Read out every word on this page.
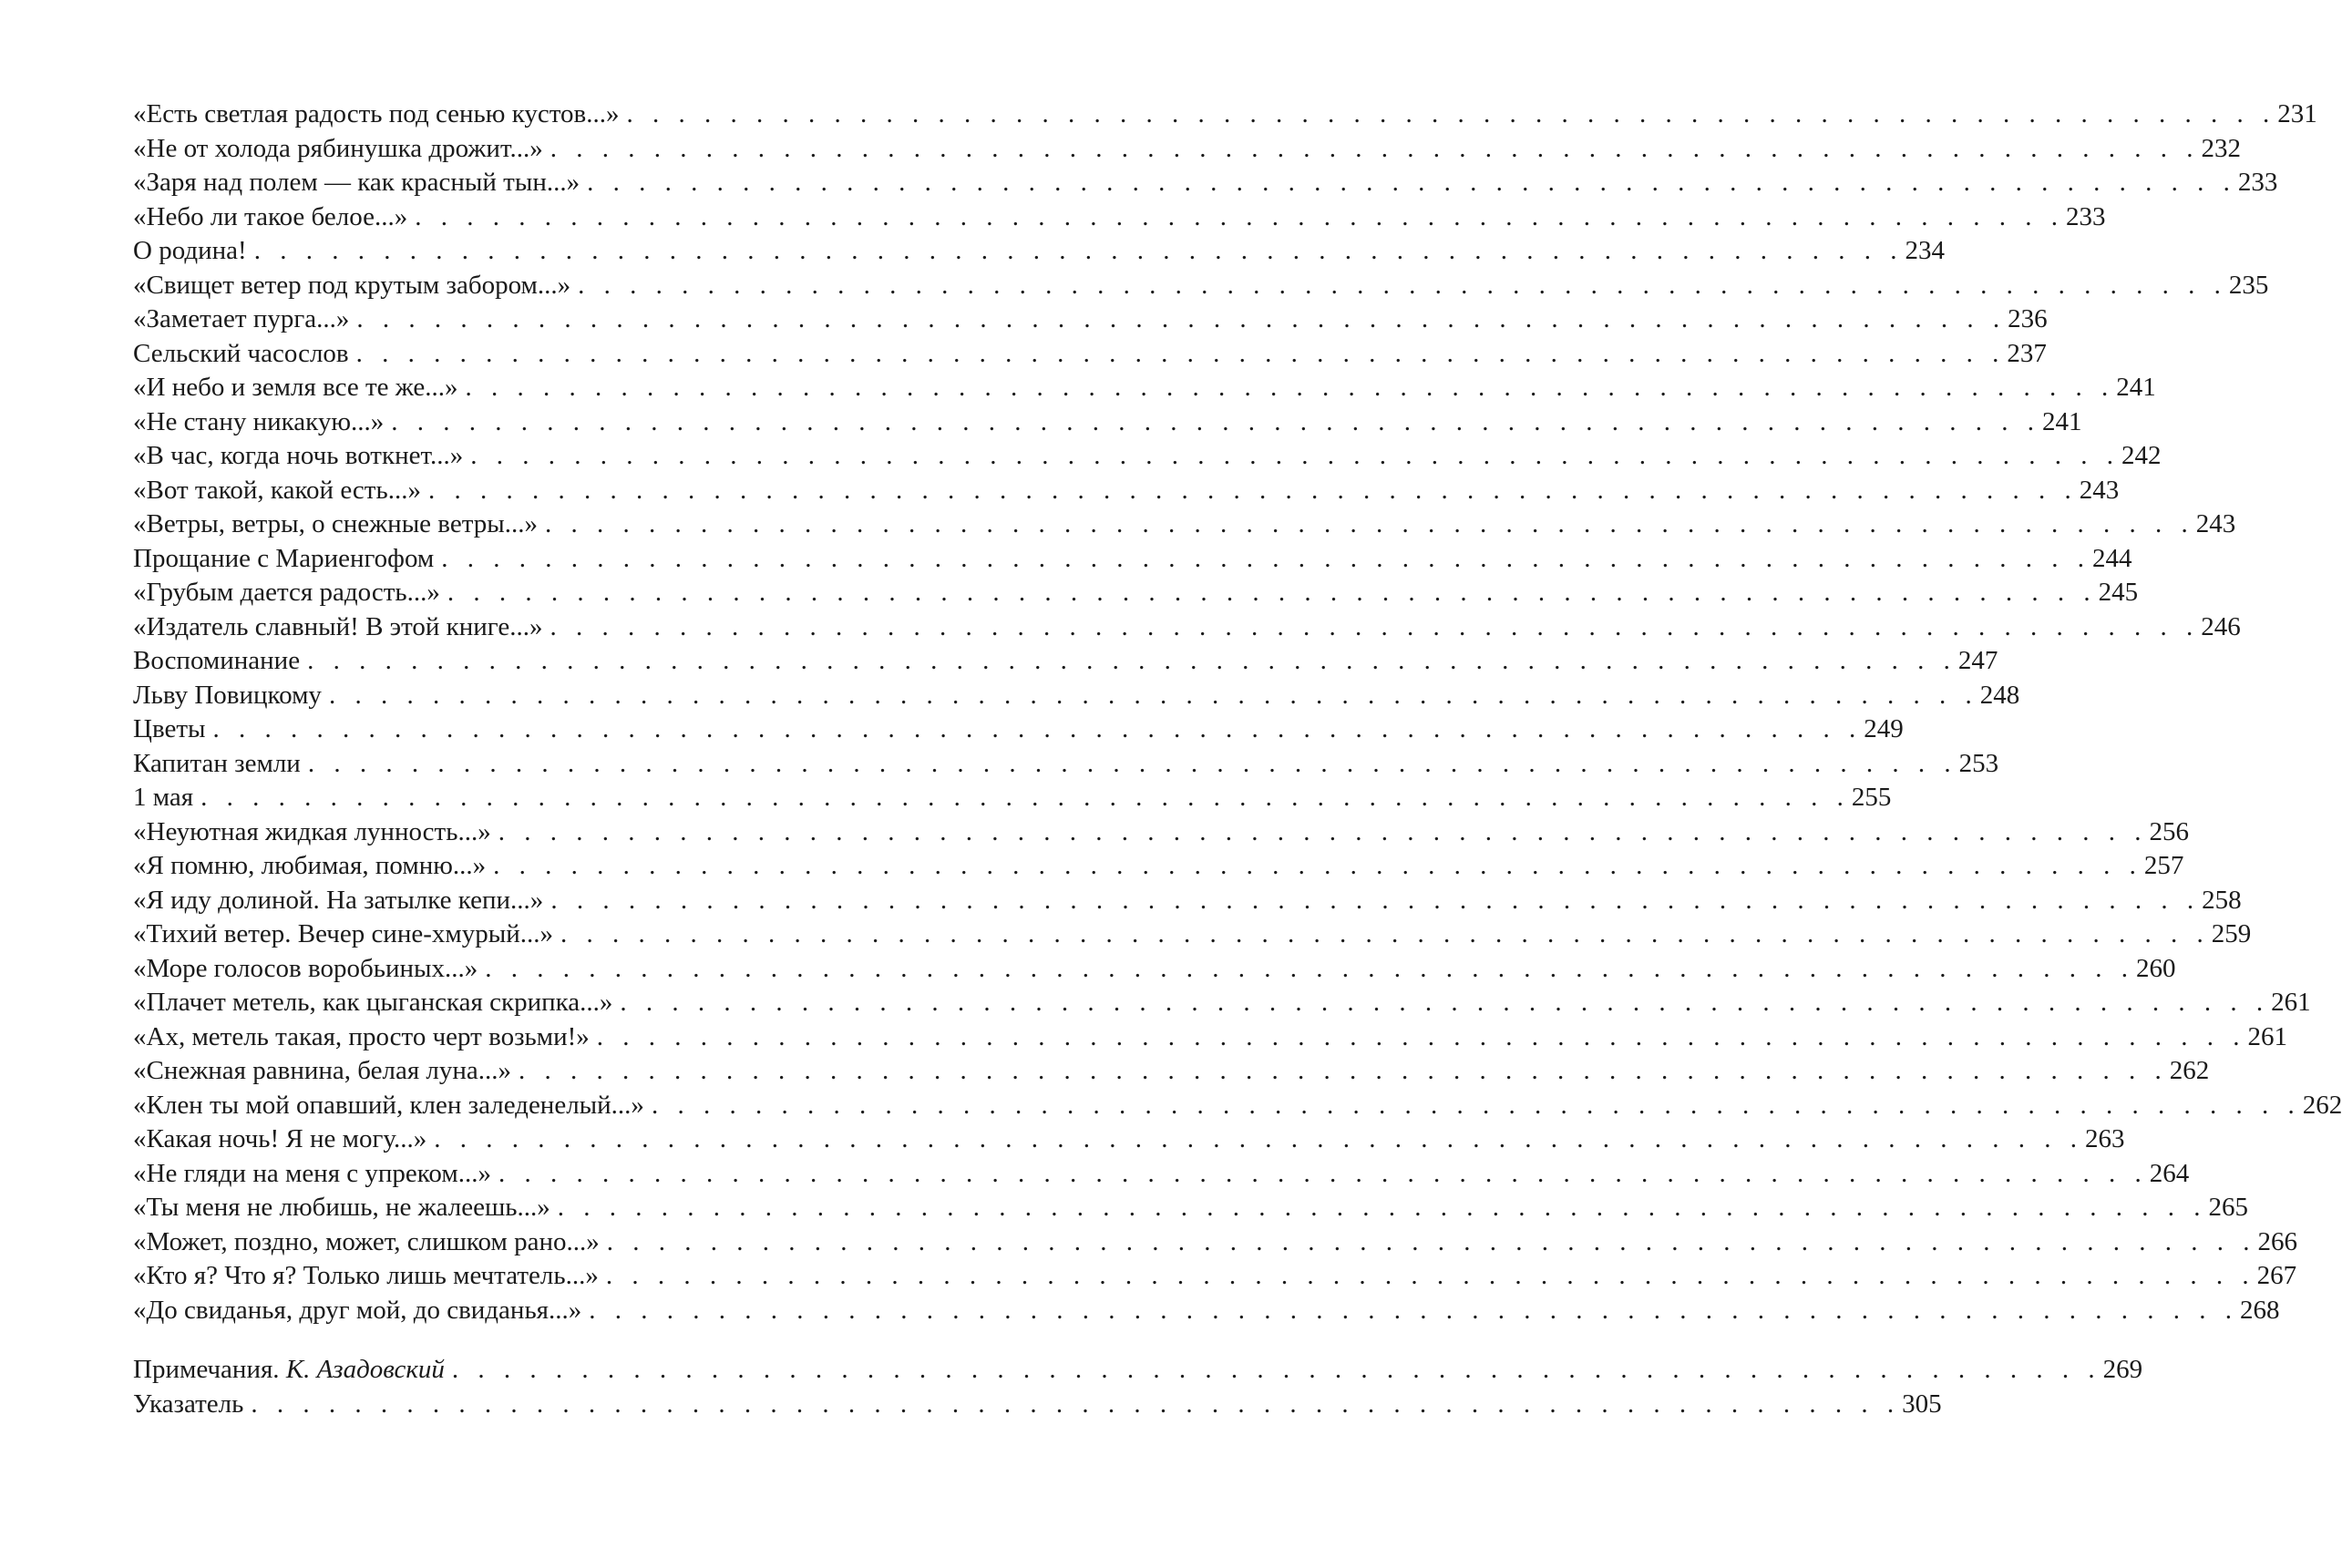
«Есть светлая радость под сенью кустов...» . . . . . . . . . . . . . . . . . . . . . . . . . . . . . . . . . . . . . . . . . . . . . . . . . . . . . . . . . . . . . . . . 231
«Не от холода рябинушка дрожит...» . . . . . . . . . . . . . . . . . . . . . . . . . . . . . . . . . . . . . . . . . . . . . . . . . . . . . . . . . . . . . . . . 232
«Заря над полем — как красный тын...» . . . . . . . . . . . . . . . . . . . . . . . . . . . . . . . . . . . . . . . . . . . . . . . . . . . . . . . . . . . . . . . . 233
«Небо ли такое белое...» . . . . . . . . . . . . . . . . . . . . . . . . . . . . . . . . . . . . . . . . . . . . . . . . . . . . . . . . . . . . . . . . 233
О родина! . . . . . . . . . . . . . . . . . . . . . . . . . . . . . . . . . . . . . . . . . . . . . . . . . . . . . . . . . . . . . . . . 234
«Свищет ветер под крутым забором...» . . . . . . . . . . . . . . . . . . . . . . . . . . . . . . . . . . . . . . . . . . . . . . . . . . . . . . . . . . . . . . . . 235
«Заметает пурга...» . . . . . . . . . . . . . . . . . . . . . . . . . . . . . . . . . . . . . . . . . . . . . . . . . . . . . . . . . . . . . . . . 236
Сельский часослов . . . . . . . . . . . . . . . . . . . . . . . . . . . . . . . . . . . . . . . . . . . . . . . . . . . . . . . . . . . . . . . . 237
«И небо и земля все те же...» . . . . . . . . . . . . . . . . . . . . . . . . . . . . . . . . . . . . . . . . . . . . . . . . . . . . . . . . . . . . . . . . 241
«Не стану никакую...» . . . . . . . . . . . . . . . . . . . . . . . . . . . . . . . . . . . . . . . . . . . . . . . . . . . . . . . . . . . . . . . . 241
«В час, когда ночь воткнет...» . . . . . . . . . . . . . . . . . . . . . . . . . . . . . . . . . . . . . . . . . . . . . . . . . . . . . . . . . . . . . . . . 242
«Вот такой, какой есть...» . . . . . . . . . . . . . . . . . . . . . . . . . . . . . . . . . . . . . . . . . . . . . . . . . . . . . . . . . . . . . . . . 243
«Ветры, ветры, о снежные ветры...» . . . . . . . . . . . . . . . . . . . . . . . . . . . . . . . . . . . . . . . . . . . . . . . . . . . . . . . . . . . . . . . . 243
Прощание с Мариенгофом . . . . . . . . . . . . . . . . . . . . . . . . . . . . . . . . . . . . . . . . . . . . . . . . . . . . . . . . . . . . . . . . 244
«Грубым дается радость...» . . . . . . . . . . . . . . . . . . . . . . . . . . . . . . . . . . . . . . . . . . . . . . . . . . . . . . . . . . . . . . . . 245
«Издатель славный! В этой книге...» . . . . . . . . . . . . . . . . . . . . . . . . . . . . . . . . . . . . . . . . . . . . . . . . . . . . . . . . . . . . . . . . 246
Воспоминание . . . . . . . . . . . . . . . . . . . . . . . . . . . . . . . . . . . . . . . . . . . . . . . . . . . . . . . . . . . . . . . . 247
Льву Повицкому . . . . . . . . . . . . . . . . . . . . . . . . . . . . . . . . . . . . . . . . . . . . . . . . . . . . . . . . . . . . . . . . 248
Цветы . . . . . . . . . . . . . . . . . . . . . . . . . . . . . . . . . . . . . . . . . . . . . . . . . . . . . . . . . . . . . . . . 249
Капитан земли . . . . . . . . . . . . . . . . . . . . . . . . . . . . . . . . . . . . . . . . . . . . . . . . . . . . . . . . . . . . . . . . 253
1 мая . . . . . . . . . . . . . . . . . . . . . . . . . . . . . . . . . . . . . . . . . . . . . . . . . . . . . . . . . . . . . . . . 255
«Неуютная жидкая лунность...» . . . . . . . . . . . . . . . . . . . . . . . . . . . . . . . . . . . . . . . . . . . . . . . . . . . . . . . . . . . . . . . . 256
«Я помню, любимая, помню...» . . . . . . . . . . . . . . . . . . . . . . . . . . . . . . . . . . . . . . . . . . . . . . . . . . . . . . . . . . . . . . . . 257
«Я иду долиной. На затылке кепи...» . . . . . . . . . . . . . . . . . . . . . . . . . . . . . . . . . . . . . . . . . . . . . . . . . . . . . . . . . . . . . . . . 258
«Тихий ветер. Вечер сине-хмурый...» . . . . . . . . . . . . . . . . . . . . . . . . . . . . . . . . . . . . . . . . . . . . . . . . . . . . . . . . . . . . . . . . 259
«Море голосов воробьиных...» . . . . . . . . . . . . . . . . . . . . . . . . . . . . . . . . . . . . . . . . . . . . . . . . . . . . . . . . . . . . . . . . 260
«Плачет метель, как цыганская скрипка...» . . . . . . . . . . . . . . . . . . . . . . . . . . . . . . . . . . . . . . . . . . . . . . . . . . . . . . . . . . . . . . . . 261
«Ах, метель такая, просто черт возьми!» . . . . . . . . . . . . . . . . . . . . . . . . . . . . . . . . . . . . . . . . . . . . . . . . . . . . . . . . . . . . . . . . 261
«Снежная равнина, белая луна...» . . . . . . . . . . . . . . . . . . . . . . . . . . . . . . . . . . . . . . . . . . . . . . . . . . . . . . . . . . . . . . . . 262
«Клен ты мой опавший, клен заледенелый...» . . . . . . . . . . . . . . . . . . . . . . . . . . . . . . . . . . . . . . . . . . . . . . . . . . . . . . . . . . . . . . . . 262
«Какая ночь! Я не могу...» . . . . . . . . . . . . . . . . . . . . . . . . . . . . . . . . . . . . . . . . . . . . . . . . . . . . . . . . . . . . . . . . 263
«Не гляди на меня с упреком...» . . . . . . . . . . . . . . . . . . . . . . . . . . . . . . . . . . . . . . . . . . . . . . . . . . . . . . . . . . . . . . . . 264
«Ты меня не любишь, не жалеешь...» . . . . . . . . . . . . . . . . . . . . . . . . . . . . . . . . . . . . . . . . . . . . . . . . . . . . . . . . . . . . . . . . 265
«Может, поздно, может, слишком рано...» . . . . . . . . . . . . . . . . . . . . . . . . . . . . . . . . . . . . . . . . . . . . . . . . . . . . . . . . . . . . . . . . 266
«Кто я? Что я? Только лишь мечтатель...» . . . . . . . . . . . . . . . . . . . . . . . . . . . . . . . . . . . . . . . . . . . . . . . . . . . . . . . . . . . . . . . . 267
«До свиданья, друг мой, до свиданья...» . . . . . . . . . . . . . . . . . . . . . . . . . . . . . . . . . . . . . . . . . . . . . . . . . . . . . . . . . . . . . . . . 268
Примечания. К. Азадовский . . . . . . . . . . . . . . . . . . . . . . . . . . . . . . . . . . . . . . . . . . . . . . . . . . . . . . . . . . . . . . . . 269
Указатель . . . . . . . . . . . . . . . . . . . . . . . . . . . . . . . . . . . . . . . . . . . . . . . . . . . . . . . . . . . . . . . . 305
